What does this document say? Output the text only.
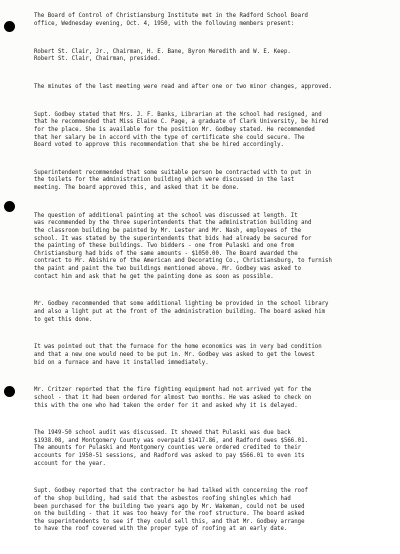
The Board of Control of Christiansburg Institute met in the Radford School Board
office, Wednesday evening, Oct. 4, 1950, with the following members present:

Robert St. Clair, Jr., Chairman, H. E. Bane, Byron Meredith and W. E. Keep.
Robert St. Clair, Chairman, presided.

The minutes of the last meeting were read and after one or two minor changes, approved.

Supt. Godbey stated that Mrs. J. F. Banks, Librarian at the school had resigned, and
that he recommended that Miss Elaine C. Page, a graduate of Clark University, be hired
for the place. She is available for the position Mr. Godbey stated. He recommended
that her salary be in accord with the type of certificate she could secure. The
Board voted to approve this recommendation that she be hired accordingly.

Superintendent recommended that some suitable person be contracted with to put in
the toilets for the administration building which were discussed in the last
meeting. The board approved this, and asked that it be done.

The question of additional painting at the school was discussed at length. It
was recommended by the three superintendents that the administration building and
the classroom building be painted by Mr. Lester and Mr. Nash, employees of the
school. It was stated by the superintendents that bids had already be secured for
the painting of these buildings. Two bidders - one from Pulaski and one from
Christiansburg had bids of the same amounts - $1050.00. The Board awarded the
contract to Mr. Abishire of the American and Decorating Co., Christiansburg, to furnish
the paint and paint the two buildings mentioned above. Mr. Godbey was asked to
contact him and ask that he get the painting done as soon as possible.

Mr. Godbey recommended that some additional lighting be provided in the school library
and also a light put at the front of the administration building. The board asked him
to get this done.

It was pointed out that the furnace for the home economics was in very bad condition
and that a new one would need to be put in. Mr. Godbey was asked to get the lowest
bid on a furnace and have it installed immediately.

Mr. Critzer reported that the fire fighting equipment had not arrived yet for the
school - that it had been ordered for almost two months. He was asked to check on
this with the one who had taken the order for it and asked why it is delayed.

The 1949-50 school audit was discussed. It showed that Pulaski was due back
$1938.08, and Montgomery County was overpaid $1417.86, and Radford owes $566.01.
The amounts for Pulaski and Montgomery counties were ordered credited to their
accounts for 1950-51 sessions, and Radford was asked to pay $566.01 to even its
account for the year.

Supt. Godbey reported that the contractor he had talked with concerning the roof
of the shop building, had said that the asbestos roofing shingles which had
been purchased for the building two years ago by Mr. Wakeman, could not be used
on the building - that it was too heavy for the roof structure. The board asked
the superintendents to see if they could sell this, and that Mr. Godbey arrange
to have the roof covered with the proper type of roofing at an early date.
